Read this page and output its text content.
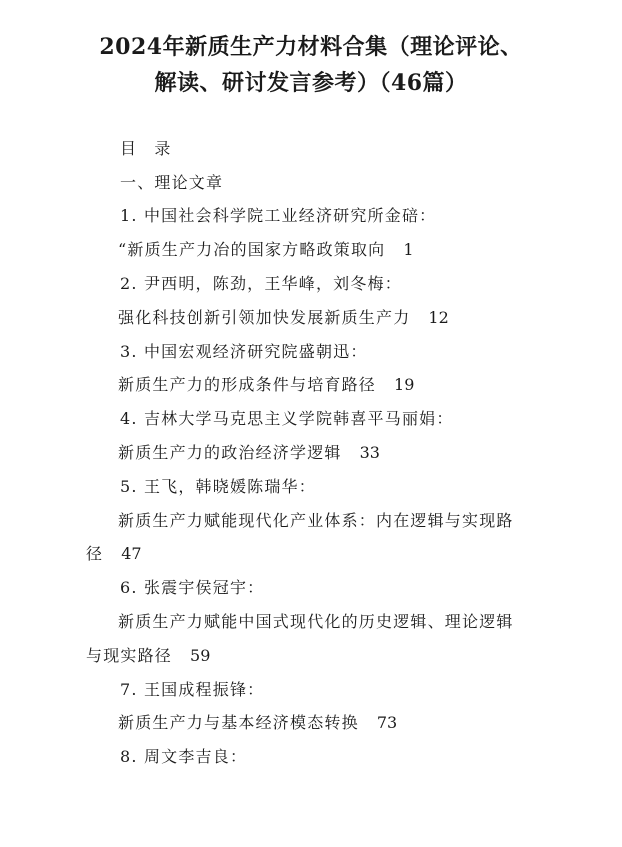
2024年新质生产力材料合集（理论评论、
解读、研讨发言参考）（46篇）
目　录
一、理论文章
1. 中国社会科学院工业经济研究所金碚：
“新质生产力冶的国家方略政策取向 1
2. 尹西明，陈劲，王华峰，刘冬梅：
强化科技创新引领加快发展新质生产力 12
3. 中国宏观经济研究院盛朝迅：
新质生产力的形成条件与培育路径 19
4. 吉林大学马克思主义学院韩喜平马丽娟：
新质生产力的政治经济学逻辑 33
5. 王飞，韩晓媛陈瑞华：
新质生产力赋能现代化产业体系：内在逻辑与实现路
径 47
6. 张震宇侯冠宇：
新质生产力赋能中国式现代化的历史逻辑、理论逻辑
与现实路径 59
7. 王国成程振锋：
新质生产力与基本经济模态转换 73
8. 周文李吉良：
